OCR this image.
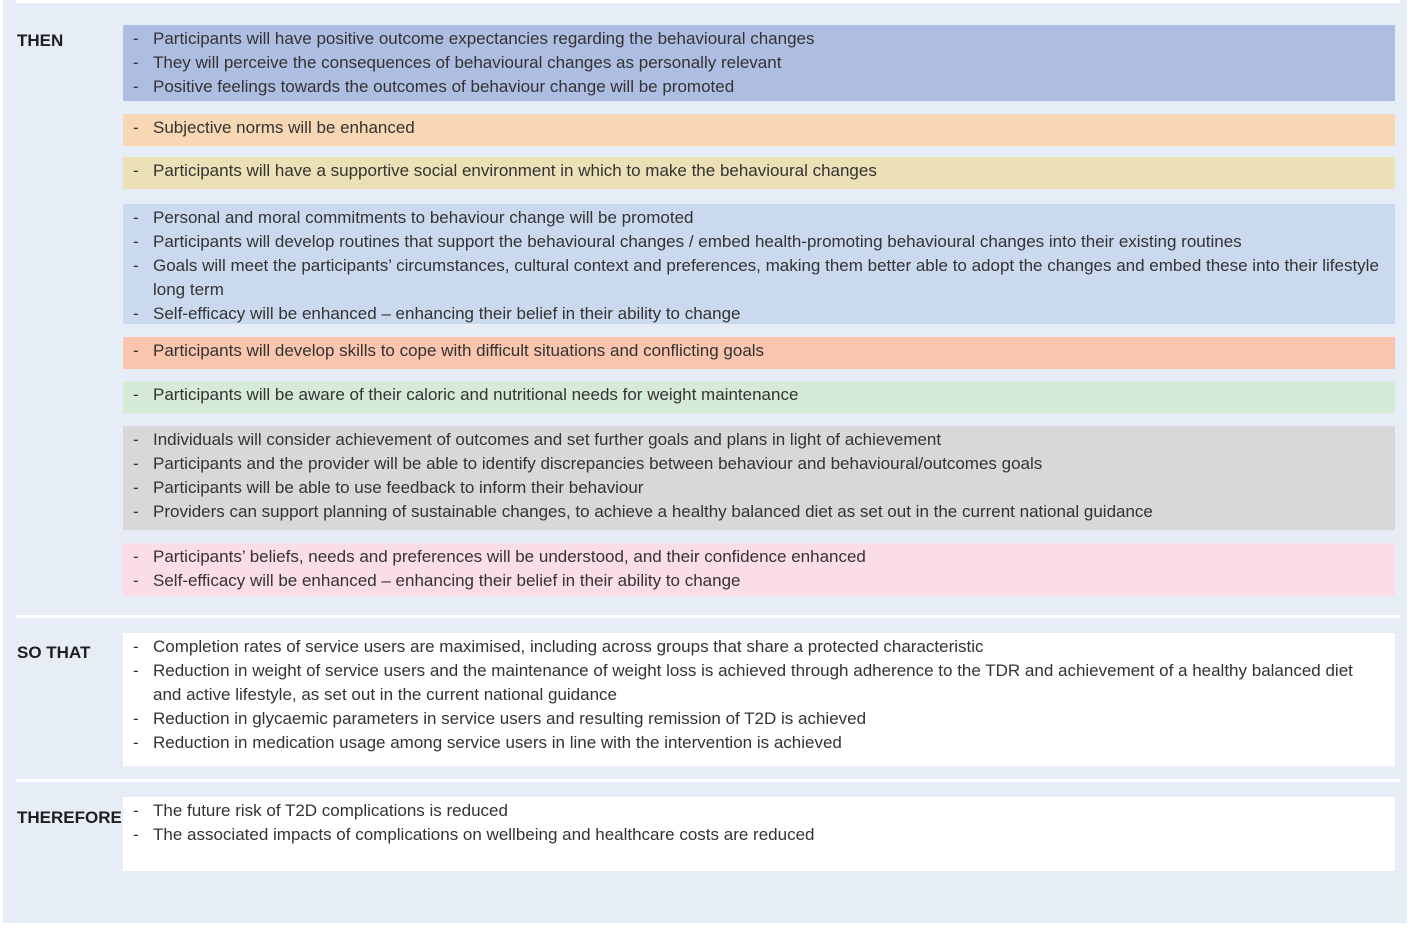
THEN	- Participants will have positive outcome expectancies regarding the behavioural changes
- They will perceive the consequences of behavioural changes as personally relevant
- Positive feelings towards the outcomes of behaviour change will be promoted
- Subjective norms will be enhanced
- Participants will have a supportive social environment in which to make the behavioural changes
- Personal and moral commitments to behaviour change will be promoted
- Participants will develop routines that support the behavioural changes / embed health-promoting behavioural changes into their existing routines
- Goals will meet the participants’ circumstances, cultural context and preferences, making them better able to adopt the changes and embed these into their lifestyle long term
- Self-efficacy will be enhanced – enhancing their belief in their ability to change
- Participants will develop skills to cope with difficult situations and conflicting goals
- Participants will be aware of their caloric and nutritional needs for weight maintenance
- Individuals will consider achievement of outcomes and set further goals and plans in light of achievement
- Participants and the provider will be able to identify discrepancies between behaviour and behavioural/outcomes goals
- Participants will be able to use feedback to inform their behaviour
- Providers can support planning of sustainable changes, to achieve a healthy balanced diet as set out in the current national guidance
- Participants’ beliefs, needs and preferences will be understood, and their confidence enhanced
- Self-efficacy will be enhanced – enhancing their belief in their ability to change
SO THAT	- Completion rates of service users are maximised, including across groups that share a protected characteristic
- Reduction in weight of service users and the maintenance of weight loss is achieved through adherence to the TDR and achievement of a healthy balanced diet and active lifestyle, as set out in the current national guidance
- Reduction in glycaemic parameters in service users and resulting remission of T2D is achieved
- Reduction in medication usage among service users in line with the intervention is achieved
THEREFORE	- The future risk of T2D complications is reduced
- The associated impacts of complications on wellbeing and healthcare costs are reduced
